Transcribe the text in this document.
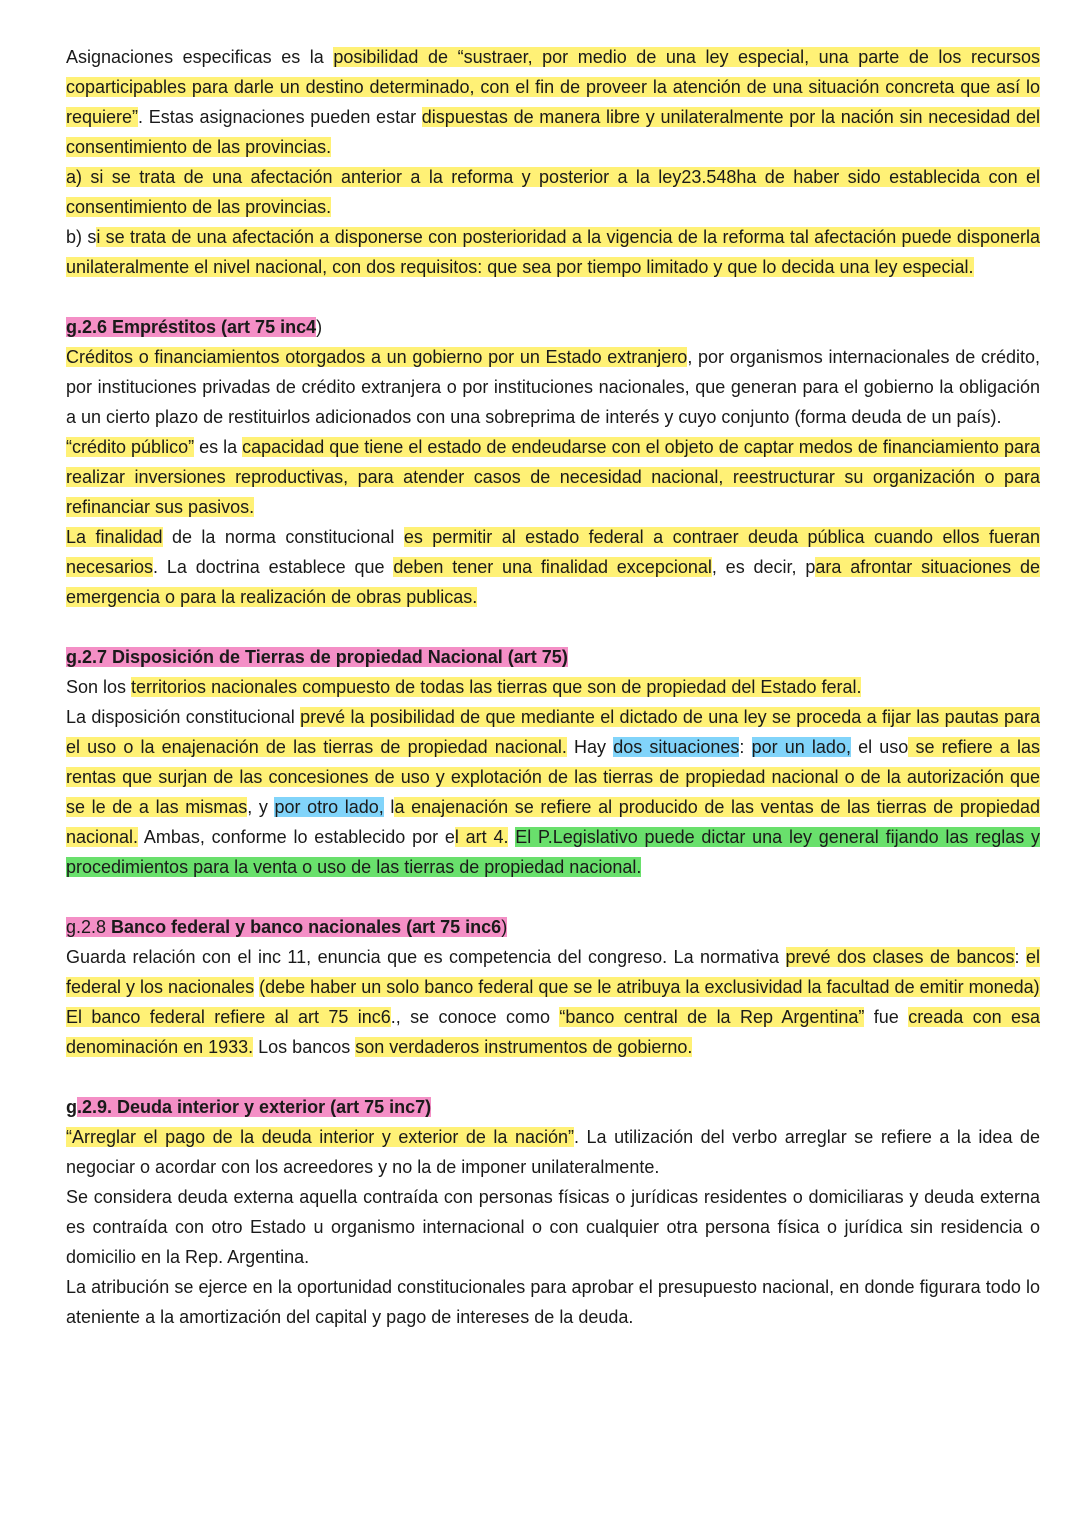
Asignaciones especificas es la posibilidad de “sustraer, por medio de una ley especial, una parte de los recursos coparticipables para darle un destino determinado, con el fin de proveer la atención de una situación concreta que así lo requiere”. Estas asignaciones pueden estar dispuestas de manera libre y unilateralmente por la nación sin necesidad del consentimiento de las provincias.
a) si se trata de una afectación anterior a la reforma y posterior a la ley23.548ha de haber sido establecida con el consentimiento de las provincias.
b) si se trata de una afectación a disponerse con posterioridad a la vigencia de la reforma tal afectación puede disponerla unilateralmente el nivel nacional, con dos requisitos: que sea por tiempo limitado y que lo decida una ley especial.

g.2.6 Empréstitos (art 75 inc4)

Créditos o financiamientos otorgados a un gobierno por un Estado extranjero, por organismos internacionales de crédito, por instituciones privadas de crédito extranjera o por instituciones nacionales, que generan para el gobierno la obligación a un cierto plazo de restituirlos adicionados con una sobreprima de interés y cuyo conjunto (forma deuda de un país).

“crédito público” es la capacidad que tiene el estado de endeudarse con el objeto de captar medos de financiamiento para realizar inversiones reproductivas, para atender casos de necesidad nacional, reestructurar su organización o para refinanciar sus pasivos.

La finalidad de la norma constitucional es permitir al estado federal a contraer deuda pública cuando ellos fueran necesarios. La doctrina establece que deben tener una finalidad excepcional, es decir, para afrontar situaciones de emergencia o para la realización de obras publicas.

g.2.7 Disposición de Tierras de propiedad Nacional (art 75)

Son los territorios nacionales compuesto de todas las tierras que son de propiedad del Estado feral.

La disposición constitucional prevé la posibilidad de que mediante el dictado de una ley se proceda a fijar las pautas para el uso o la enajenación de las tierras de propiedad nacional. Hay dos situaciones: por un lado, el uso se refiere a las rentas que surjan de las concesiones de uso y explotación de las tierras de propiedad nacional o de la autorización que se le de a las mismas, y por otro lado, la enajenación se refiere al producido de las ventas de las tierras de propiedad nacional. Ambas, conforme lo establecido por el art 4. El P.Legislativo puede dictar una ley general fijando las reglas y procedimientos para la venta o uso de las tierras de propiedad nacional.

g.2.8 Banco federal y banco nacionales (art 75 inc6)

Guarda relación con el inc 11, enuncia que es competencia del congreso. La normativa prevé dos clases de bancos: el federal y los nacionales (debe haber un solo banco federal que se le atribuya la exclusividad la facultad de emitir moneda)

El banco federal refiere al art 75 inc6., se conoce como “banco central de la Rep Argentina” fue creada con esa denominación en 1933. Los bancos son verdaderos instrumentos de gobierno.

g.2.9. Deuda interior y exterior (art 75 inc7)

“Arreglar el pago de la deuda interior y exterior de la nación”. La utilización del verbo arreglar se refiere a la idea de negociar o acordar con los acreedores y no la de imponer unilateralmente.

Se considera deuda externa aquella contraída con personas físicas o jurídicas residentes o domiciliaras y deuda externa es contraída con otro Estado u organismo internacional o con cualquier otra persona física o jurídica sin residencia o domicilio en la Rep. Argentina.

La atribución se ejerce en la oportunidad constitucionales para aprobar el presupuesto nacional, en donde figurara todo lo ateniente a la amortización del capital y pago de intereses de la deuda.
